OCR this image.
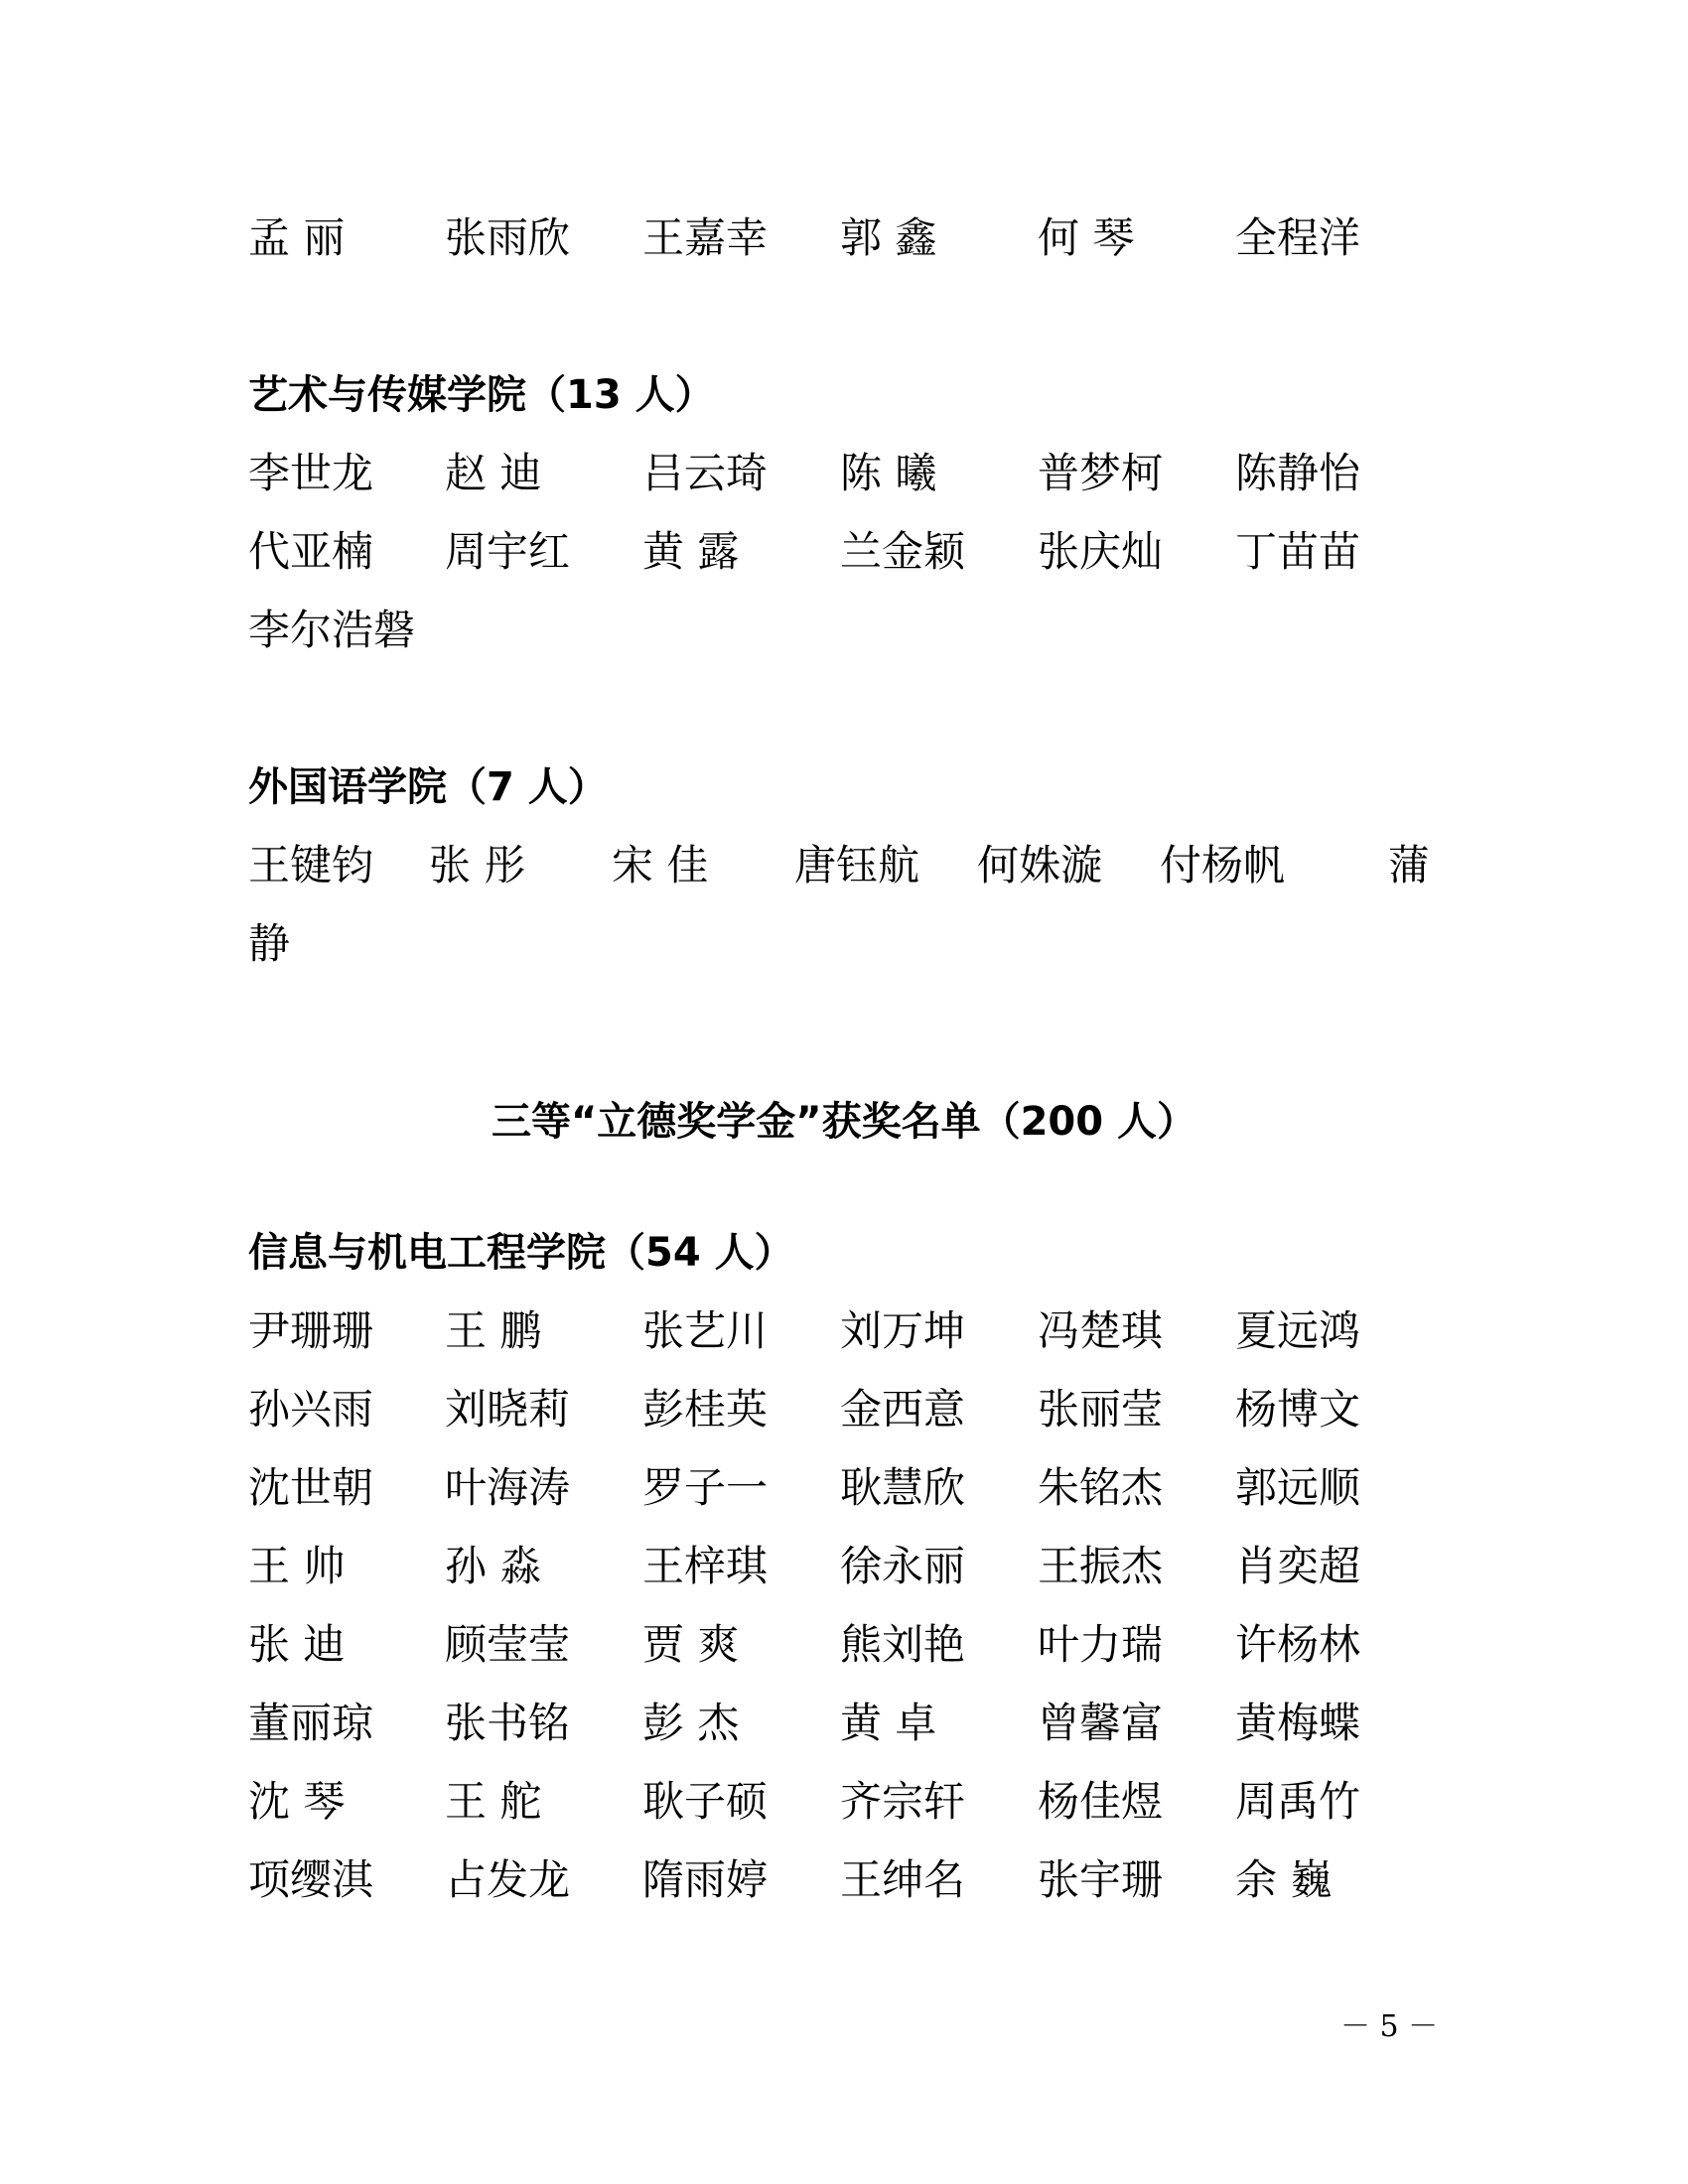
孟 丽 张雨欣 王嘉幸 郭 鑫 何 琴 全程洋
艺术与传媒学院（13 人）
李世龙 赵 迪 吕云琦 陈 曦 普梦柯 陈静怡
代亚楠 周宇红 黄 露 兰金颖 张庆灿 丁苗苗
李尔浩磐
外国语学院（7 人）
王键钧 张 彤 宋 佳 唐钰航 何姝漩 付杨帆 蒲
静
三等“立德奖学金”获奖名单（200 人）
信息与机电工程学院（54 人）
尹珊珊 王 鹏 张艺川 刘万坤 冯楚琪 夏远鸿
孙兴雨 刘晓莉 彭桂英 金西意 张丽莹 杨博文
沈世朝 叶海涛 罗子一 耿慧欣 朱铭杰 郭远顺
王 帅 孙 淼 王梓琪 徐永丽 王振杰 肖奕超
张 迪 顾莹莹 贾 爽 熊刘艳 叶力瑞 许杨林
董丽琼 张书铭 彭 杰 黄 卓 曾馨富 黄梅蝶
沈 琴 王 舵 耿子硕 齐宗轩 杨佳煜 周禹竹
项缨淇 占发龙 隋雨婷 王绅名 张宇珊 余 巍
－ 5 －
